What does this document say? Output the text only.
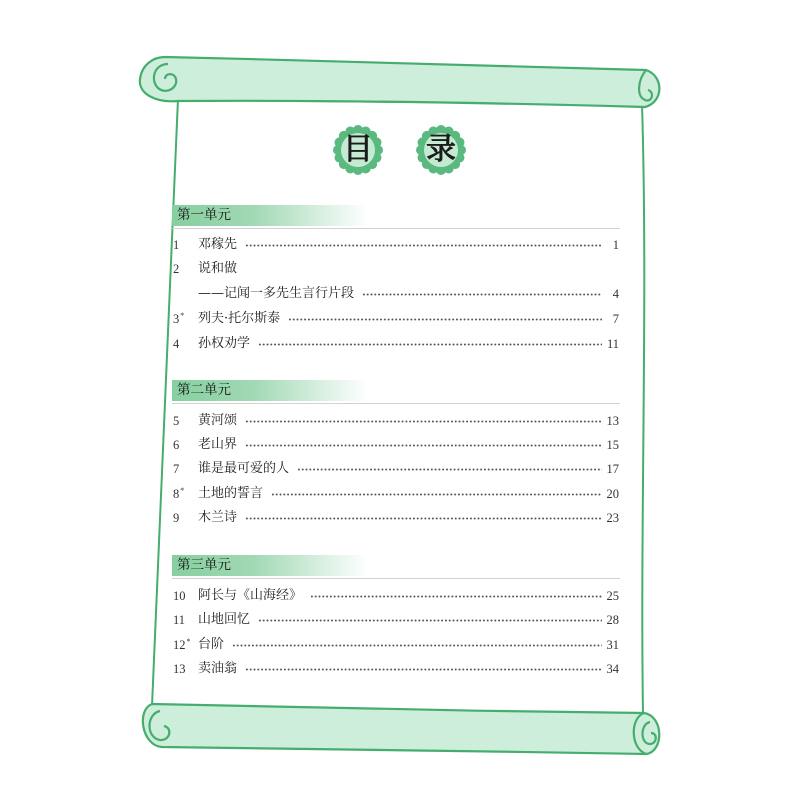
目 录
第一单元
1	邓稼先	1
2	说和做
——记闻一多先生言行片段	4
3*	列夫·托尔斯泰	7
4	孙权劝学	11
第二单元
5	黄河颂	13
6	老山界	15
7	谁是最可爱的人	17
8*	土地的誓言	20
9	木兰诗	23
第三单元
10 阿长与《山海经》	25
11 山地回忆	28
12* 台阶	31
13 卖油翁	34
